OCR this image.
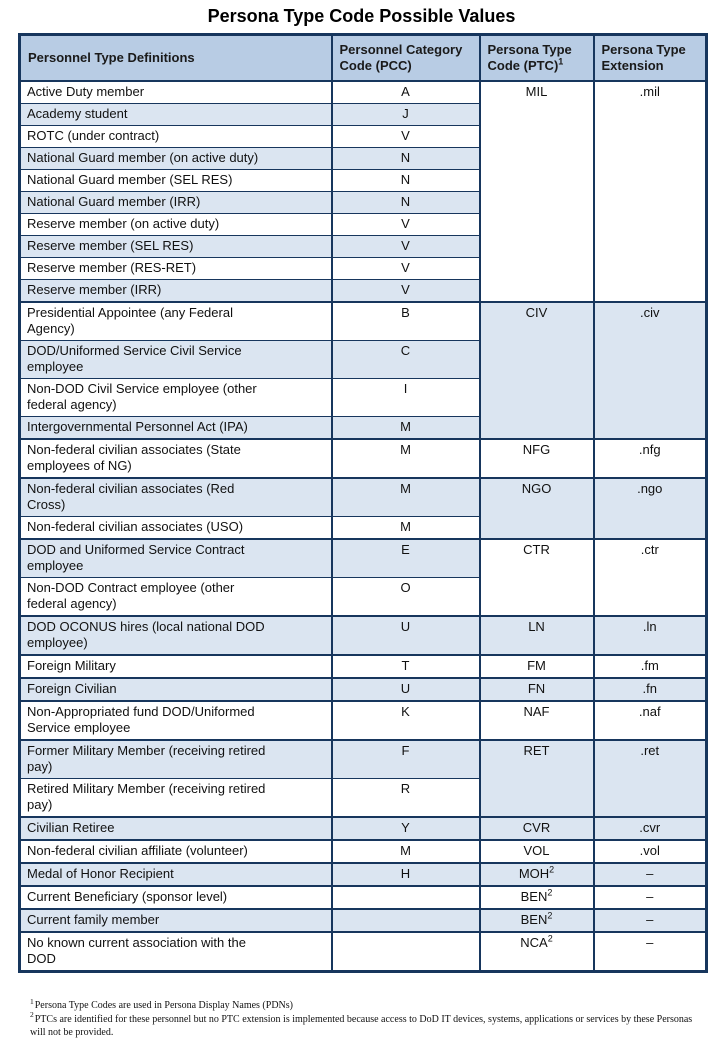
Persona Type Code Possible Values
Personnel Type Definitions	Personnel Category Code (PCC)	Persona Type Code (PTC)$^1$	Persona Type Extension
Active Duty member	A	MIL	.mil
Academy student	J		
ROTC (under contract)	V		
National Guard member (on active duty)	N		
National Guard member (SEL RES)	N		
National Guard member (IRR)	N		
Reserve member (on active duty)	V		
Reserve member (SEL RES)	V		
Reserve member (RES-RET)	V		
Reserve member (IRR)	V		
Presidential Appointee (any Federal Agency)	B	CIV	.civ
DOD/Uniformed Service Civil Service employee	C		
Non-DOD Civil Service employee (other federal agency)	I		
Intergovernmental Personnel Act (IPA)	M		
Non-federal civilian associates (State employees of NG)	M	NFG	.nfg
Non-federal civilian associates (Red Cross)	M	NGO	.ngo
Non-federal civilian associates (USO)	M		
DOD and Uniformed Service Contract employee	E	CTR	.ctr
Non-DOD Contract employee (other federal agency)	O		
DOD OCONUS hires (local national DOD employee)	U	LN	.ln
Foreign Military	T	FM	.fm
Foreign Civilian	U	FN	.fn
Non-Appropriated fund DOD/Uniformed Service employee	K	NAF	.naf
Former Military Member (receiving retired pay)	F	RET	.ret
Retired Military Member (receiving retired pay)	R		
Civilian Retiree	Y	CVR	.cvr
Non-federal civilian affiliate (volunteer)	M	VOL	.vol
Medal of Honor Recipient	H	MOH$^2$	–
Current Beneficiary (sponsor level)		BEN$^2$	–
Current family member		BEN$^2$	–
No known current association with the DOD		NCA$^2$	–
$^1$Persona Type Codes are used in Persona Display Names (PDNs)
$^2$PTCs are identified for these personnel but no PTC extension is implemented because access to DoD IT devices, systems, applications or services by these Personas will not be provided.
